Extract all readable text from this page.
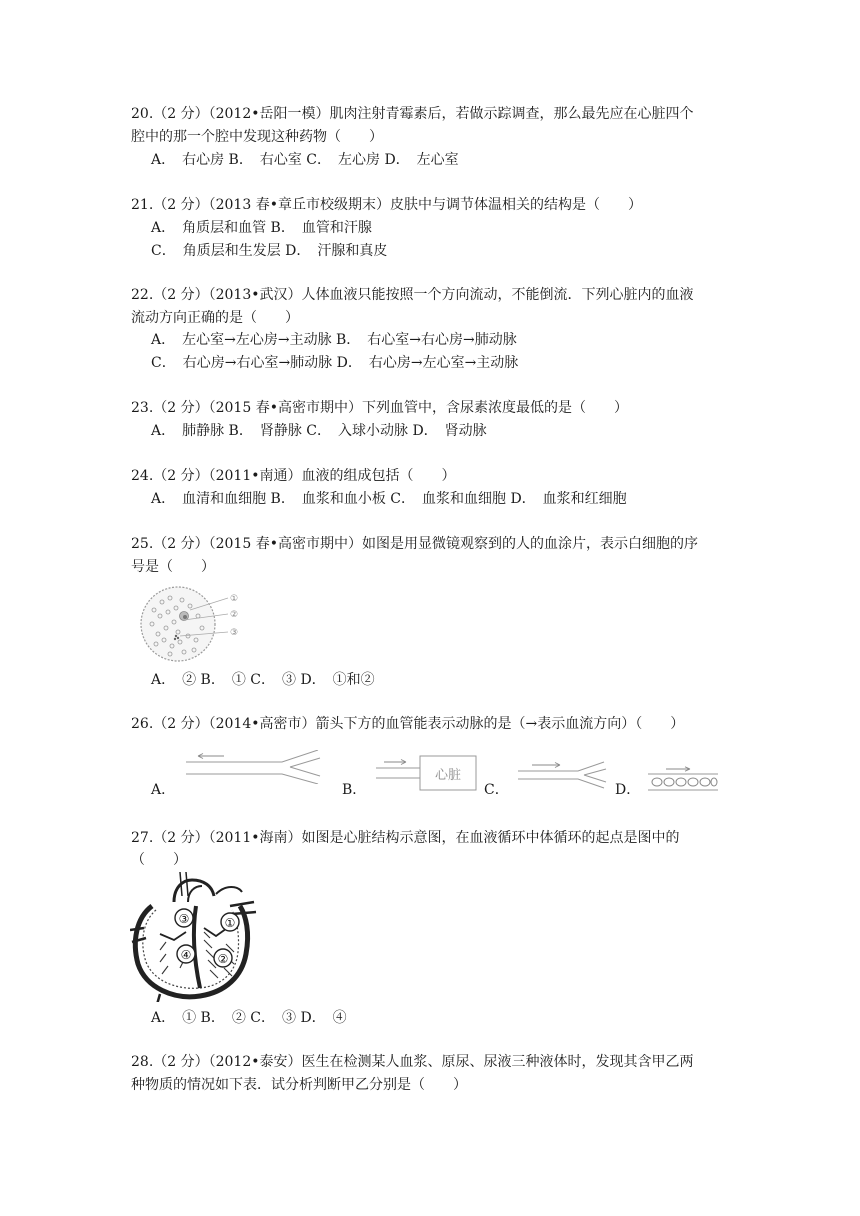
20.（2 分）（2012•岳阳一模）肌肉注射青霉素后，若做示踪调查，那么最先应在心脏四个
腔中的那一个腔中发现这种药物（　　）
A．　右心房 B．　右心室 C．　左心房 D．　左心室
21.（2 分）（2013 春•章丘市校级期末）皮肤中与调节体温相关的结构是（　　）
A．　角质层和血管 B．　血管和汗腺
C．　角质层和生发层 D．　汗腺和真皮
22.（2 分）（2013•武汉）人体血液只能按照一个方向流动，不能倒流．下列心脏内的血液
流动方向正确的是（　　）
A．　左心室→左心房→主动脉 B．　右心室→右心房→肺动脉
C．　右心房→右心室→肺动脉 D．　右心房→左心室→主动脉
23.（2 分）（2015 春•高密市期中）下列血管中，含尿素浓度最低的是（　　）
A．　肺静脉 B．　肾静脉 C．　入球小动脉 D．　肾动脉
24.（2 分）（2011•南通）血液的组成包括（　　）
A．　血清和血细胞 B．　血浆和血小板 C．　血浆和血细胞 D．　血浆和红细胞
25.（2 分）（2015 春•高密市期中）如图是用显微镜观察到的人的血涂片，表示白细胞的序
号是（　　）
①
②
③
A．　② B．　① C．　③ D．　①和②
26.（2 分）（2014•高密市）箭头下方的血管能表示动脉的是（→表示血流方向）（　　）
A．	B．
心脏
C．	D．
27.（2 分）（2011•海南）如图是心脏结构示意图，在血液循环中体循环的起点是图中的
（　　）
③	①
④ ②
A．　① B．　② C．　③ D．　④
28.（2 分）（2012•泰安）医生在检测某人血浆、原尿、尿液三种液体时，发现其含甲乙两
种物质的情况如下表．试分析判断甲乙分别是（　　）
